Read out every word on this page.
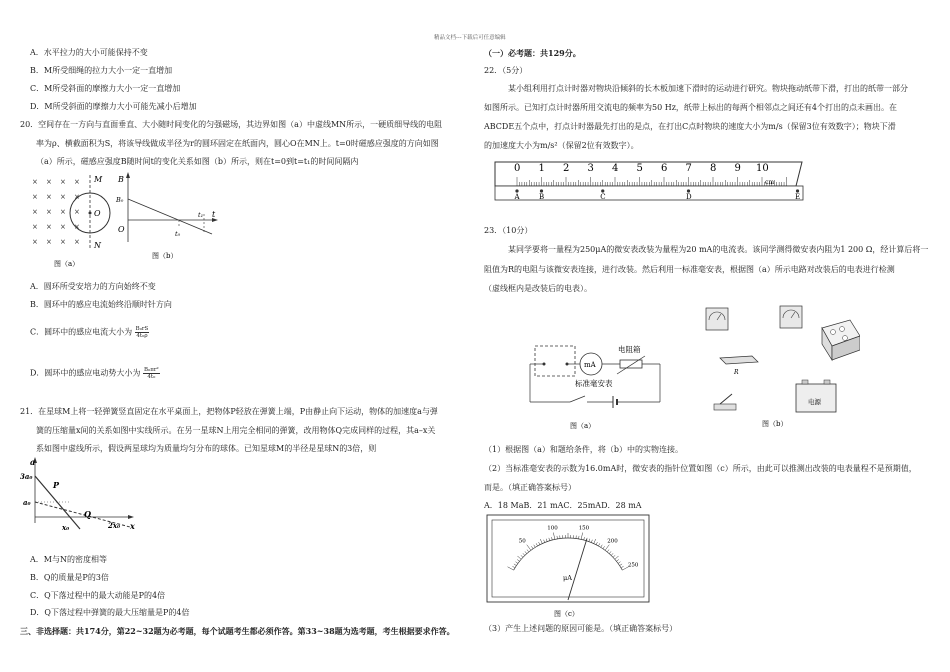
精品文档---下载后可任意编辑
A．水平拉力的大小可能保持不变
B．M所受细绳的拉力大小一定一直增加
C．M所受斜面的摩擦力大小一定一直增加
D．M所受斜面的摩擦力大小可能先减小后增加
20．空间存在一方向与直面垂直、大小随时间变化的匀强磁场，其边界如图（a）中虚线MN所示，一硬质细导线的电阻
率为ρ、横截面积为S，将该导线做成半径为r的圆环固定在纸面内，圆心O在MN上。t=0时磁感应强度的方向如图
（a）所示，磁感应强度B随时间t的变化关系如图（b）所示，则在t=0到t=t₁的时间间隔内
× × × ×
× × × ×
× × × ×
× × × ×
× × × ×
M
O
N
图（a）
B
B₀
O
t
t₀
t₁
图（b）
A．圆环所受安培力的方向始终不变
B．圆环中的感应电流始终沿顺时针方向
C．圆环中的感应电流大小为 $\frac{\text{B₀rS}}{\text{4t₀ρ}}$
D．圆环中的感应电动势大小为 $\frac{\text{B₀πr²}}{\text{4t₀}}$
21．在星球M上将一轻弹簧竖直固定在水平桌面上，把物体P轻放在弹簧上端，P由静止向下运动，物体的加速度a与弹
簧的压缩量x间的关系如图中实线所示。在另一星球N上用完全相同的弹簧，改用物体Q完成同样的过程，其a–x关
系如图中虚线所示，假设两星球均为质量均匀分布的球体。已知星球M的半径是星球N的3倍，则
a
3a₀
a₀
P
Q
x₀	2x₀ x
A．M与N的密度相等
B．Q的质量是P的3倍
C．Q下落过程中的最大动能是P的4倍
D．Q下落过程中弹簧的最大压缩量是P的4倍
三、非选择题：共174分，第22~32题为必考题，每个试题考生都必须作答。第33~38题为选考题，考生根据要求作答。
（一）必考题：共129分。
22．（5分）
某小组利用打点计时器对物块沿倾斜的长木板加速下滑时的运动进行研究。物块拖动纸带下滑，打出的纸带一部分
如图所示。已知打点计时器所用交流电的频率为50 Hz，纸带上标出的每两个相邻点之间还有4个打出的点未画出。在
ABCDE五个点中，打点计时器最先打出的是点，在打出C点时物块的速度大小为m/s（保留3位有效数字）；物块下滑
的加速度大小为m/s²（保留2位有效数字）。
0 1 2 3 4 5 6 7 8 9 10
cm
A	B	C	D	E
23．（10分）
某同学要将一量程为250μA的微安表改装为量程为20 mA的电流表。该同学测得微安表内阻为1 200 Ω，经计算后将一
阻值为R的电阻与该微安表连接，进行改装。然后利用一标准毫安表，根据图（a）所示电路对改装后的电表进行检测
（虚线框内是改装后的电表）。
mA
电阻箱
标准毫安表
图（a）
R
电源
图（b）
（1）根据图（a）和题给条件，将（b）中的实物连接。
（2）当标准毫安表的示数为16.0mA时，微安表的指针位置如图（c）所示，由此可以推测出改装的电表量程不是预期值，
而是。（填正确答案标号）
A．18 MaB．21 mAC．25mAD．28 mA
50
100	150
200
250
μA
图（c）
（3）产生上述问题的原因可能是。（填正确答案标号）
